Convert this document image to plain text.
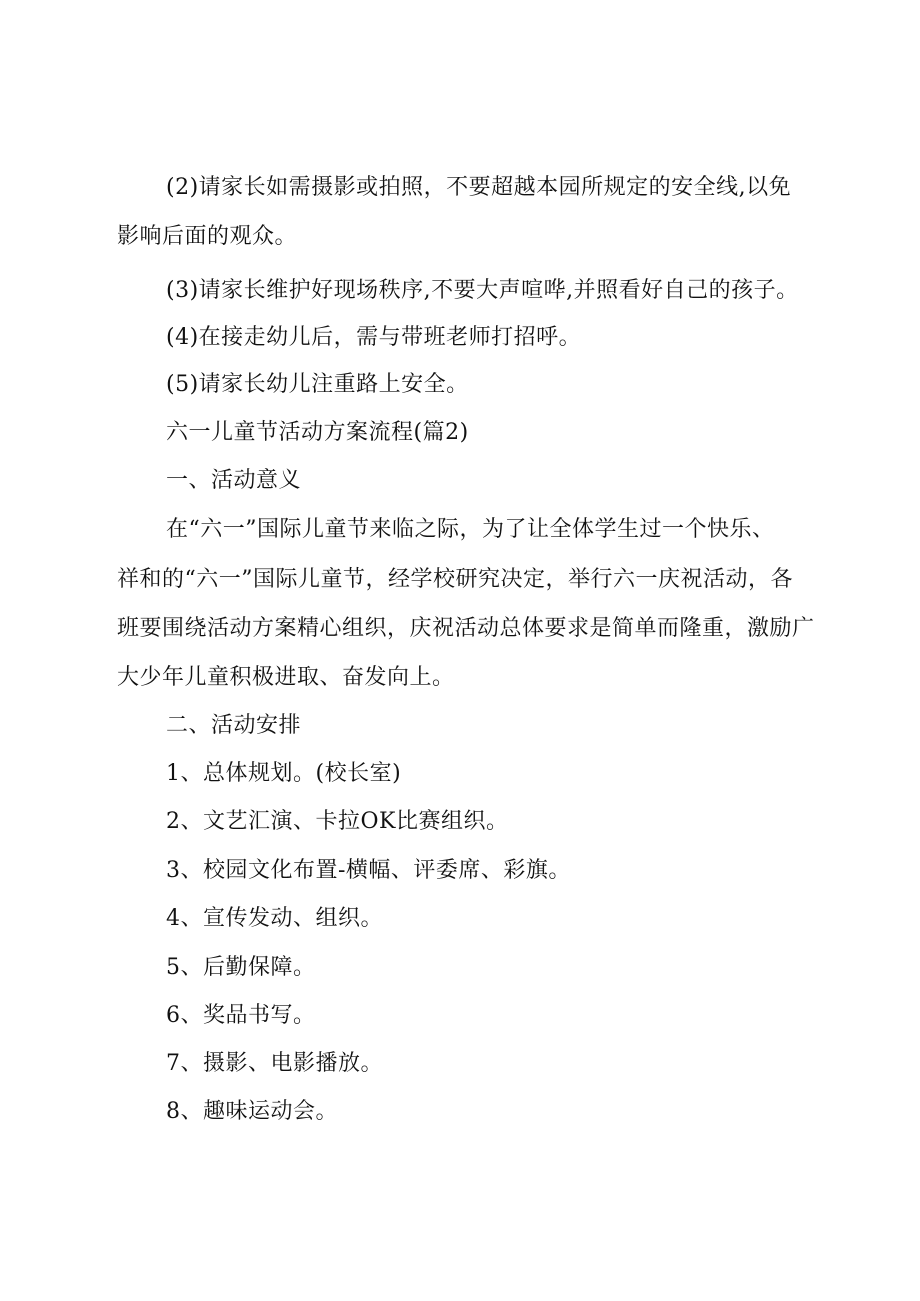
(2)请家长如需摄影或拍照，不要超越本园所规定的安全线,以免
影响后面的观众。
(3)请家长维护好现场秩序,不要大声喧哗,并照看好自己的孩子。
(4)在接走幼儿后，需与带班老师打招呼。
(5)请家长幼儿注重路上安全。
六一儿童节活动方案流程(篇2)
一、活动意义
在“六一”国际儿童节来临之际，为了让全体学生过一个快乐、
祥和的“六一”国际儿童节，经学校研究决定，举行六一庆祝活动，各
班要围绕活动方案精心组织，庆祝活动总体要求是简单而隆重，激励广
大少年儿童积极进取、奋发向上。
二、活动安排
1、总体规划。(校长室)
2、文艺汇演、卡拉OK比赛组织。
3、校园文化布置-横幅、评委席、彩旗。
4、宣传发动、组织。
5、后勤保障。
6、奖品书写。
7、摄影、电影播放。
8、趣味运动会。
